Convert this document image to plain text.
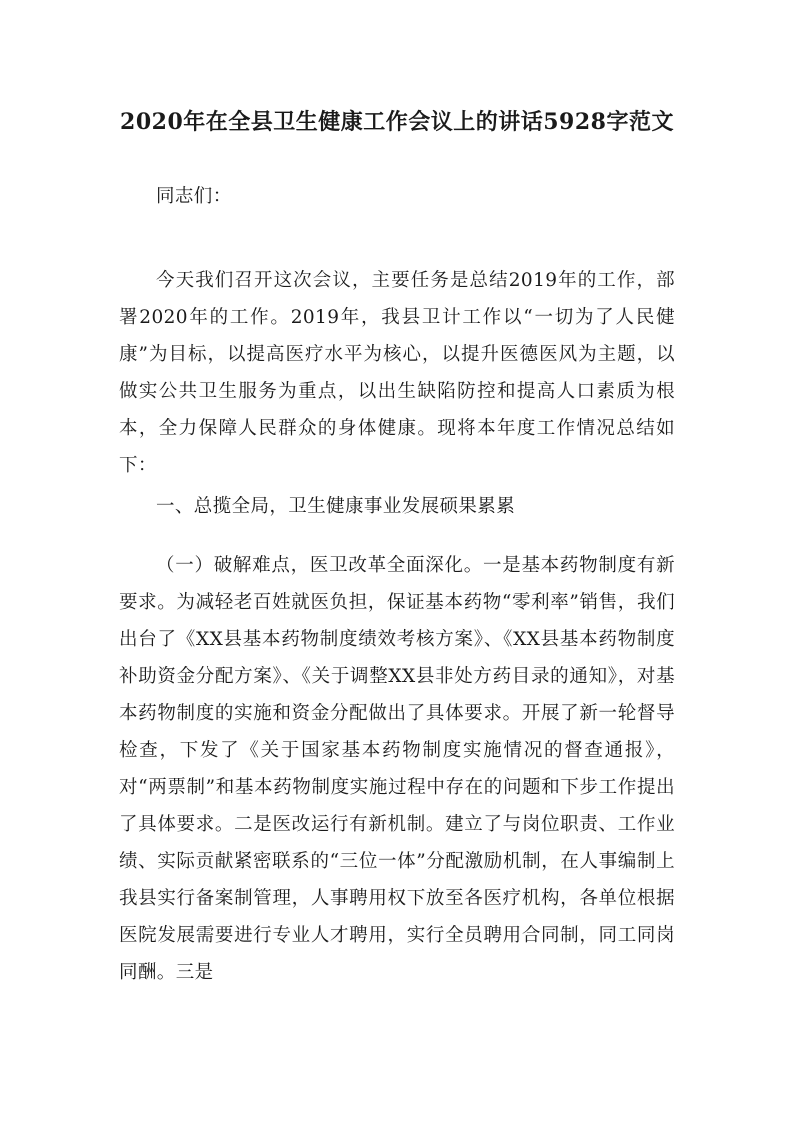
2020年在全县卫生健康工作会议上的讲话5928字范文

同志们：

今天我们召开这次会议，主要任务是总结2019年的工作，部署2020年的工作。2019年，我县卫计工作以“一切为了人民健康”为目标，以提高医疗水平为核心，以提升医德医风为主题，以做实公共卫生服务为重点，以出生缺陷防控和提高人口素质为根本，全力保障人民群众的身体健康。现将本年度工作情况总结如下：

一、总揽全局，卫生健康事业发展硕果累累

（一）破解难点，医卫改革全面深化。一是基本药物制度有新要求。为减轻老百姓就医负担，保证基本药物“零利率”销售，我们出台了《XX县基本药物制度绩效考核方案》、《XX县基本药物制度补助资金分配方案》、《关于调整XX县非处方药目录的通知》，对基本药物制度的实施和资金分配做出了具体要求。开展了新一轮督导检查，下发了《关于国家基本药物制度实施情况的督查通报》，对“两票制”和基本药物制度实施过程中存在的问题和下步工作提出了具体要求。二是医改运行有新机制。建立了与岗位职责、工作业绩、实际贡献紧密联系的“三位一体”分配激励机制，在人事编制上我县实行备案制管理，人事聘用权下放至各医疗机构，各单位根据医院发展需要进行专业人才聘用，实行全员聘用合同制，同工同岗同酬。三是
